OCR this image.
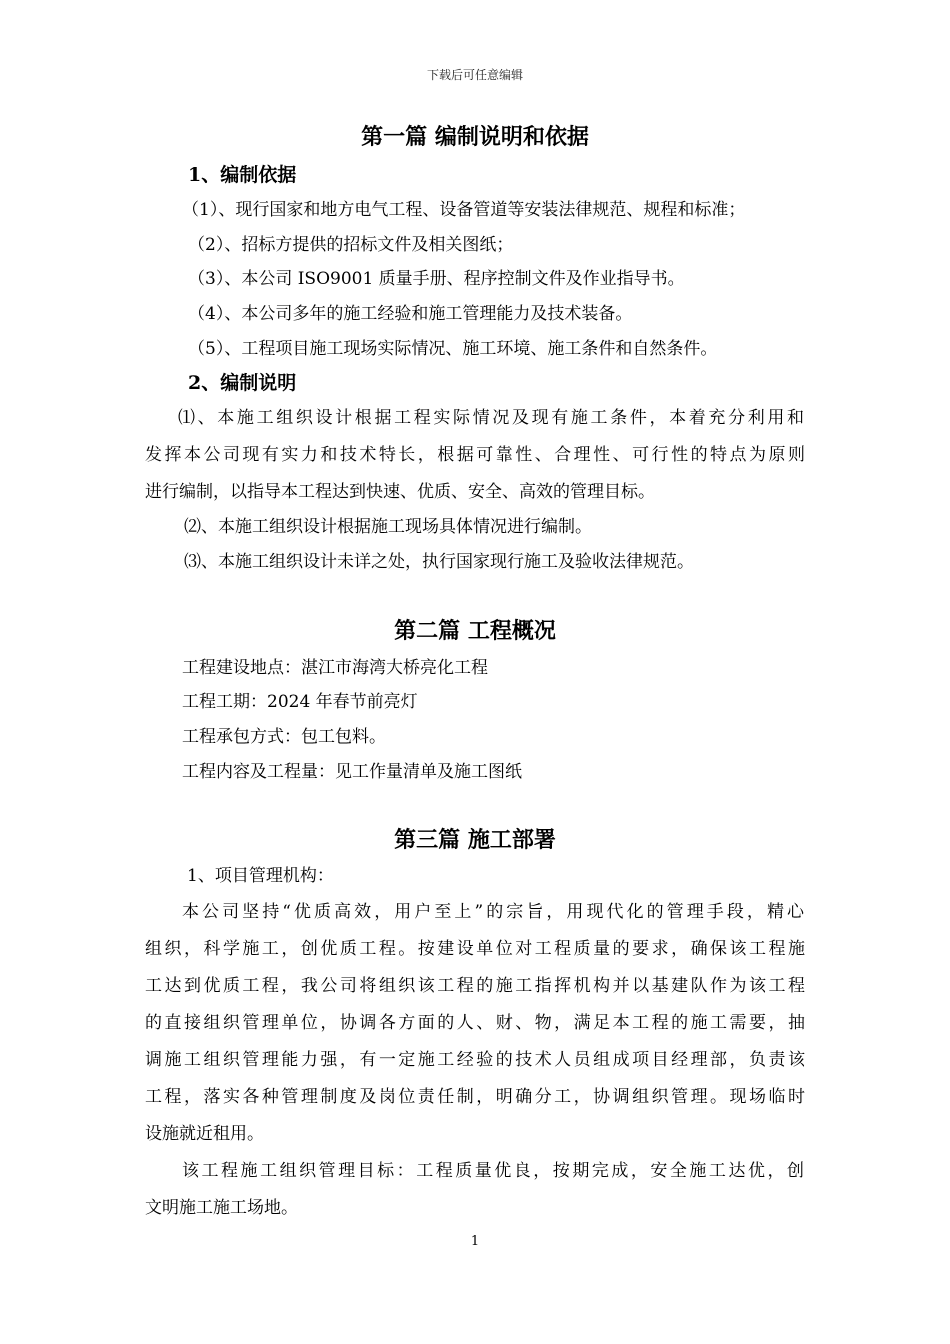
下载后可任意编辑
第一篇 编制说明和依据
1、编制依据
（1）、现行国家和地方电气工程、设备管道等安装法律规范、规程和标准；
（2）、招标方提供的招标文件及相关图纸；
（3）、本公司 ISO9001 质量手册、程序控制文件及作业指导书。
（4）、本公司多年的施工经验和施工管理能力及技术装备。
（5）、工程项目施工现场实际情况、施工环境、施工条件和自然条件。
2、编制说明
⑴、本施工组织设计根据工程实际情况及现有施工条件，本着充分利用和
发挥本公司现有实力和技术特长，根据可靠性、合理性、可行性的特点为原则
进行编制，以指导本工程达到快速、优质、安全、高效的管理目标。
⑵、本施工组织设计根据施工现场具体情况进行编制。
⑶、本施工组织设计未详之处，执行国家现行施工及验收法律规范。
第二篇 工程概况
工程建设地点：湛江市海湾大桥亮化工程
工程工期：2024 年春节前亮灯
工程承包方式：包工包料。
工程内容及工程量：见工作量清单及施工图纸
第三篇 施工部署
1、项目管理机构：
本公司坚持“优质高效，用户至上”的宗旨，用现代化的管理手段，精心
组织，科学施工，创优质工程。按建设单位对工程质量的要求，确保该工程施
工达到优质工程，我公司将组织该工程的施工指挥机构并以基建队作为该工程
的直接组织管理单位，协调各方面的人、财、物，满足本工程的施工需要，抽
调施工组织管理能力强，有一定施工经验的技术人员组成项目经理部，负责该
工程，落实各种管理制度及岗位责任制，明确分工，协调组织管理。现场临时
设施就近租用。
该工程施工组织管理目标：工程质量优良，按期完成，安全施工达优，创
文明施工施工场地。
1
